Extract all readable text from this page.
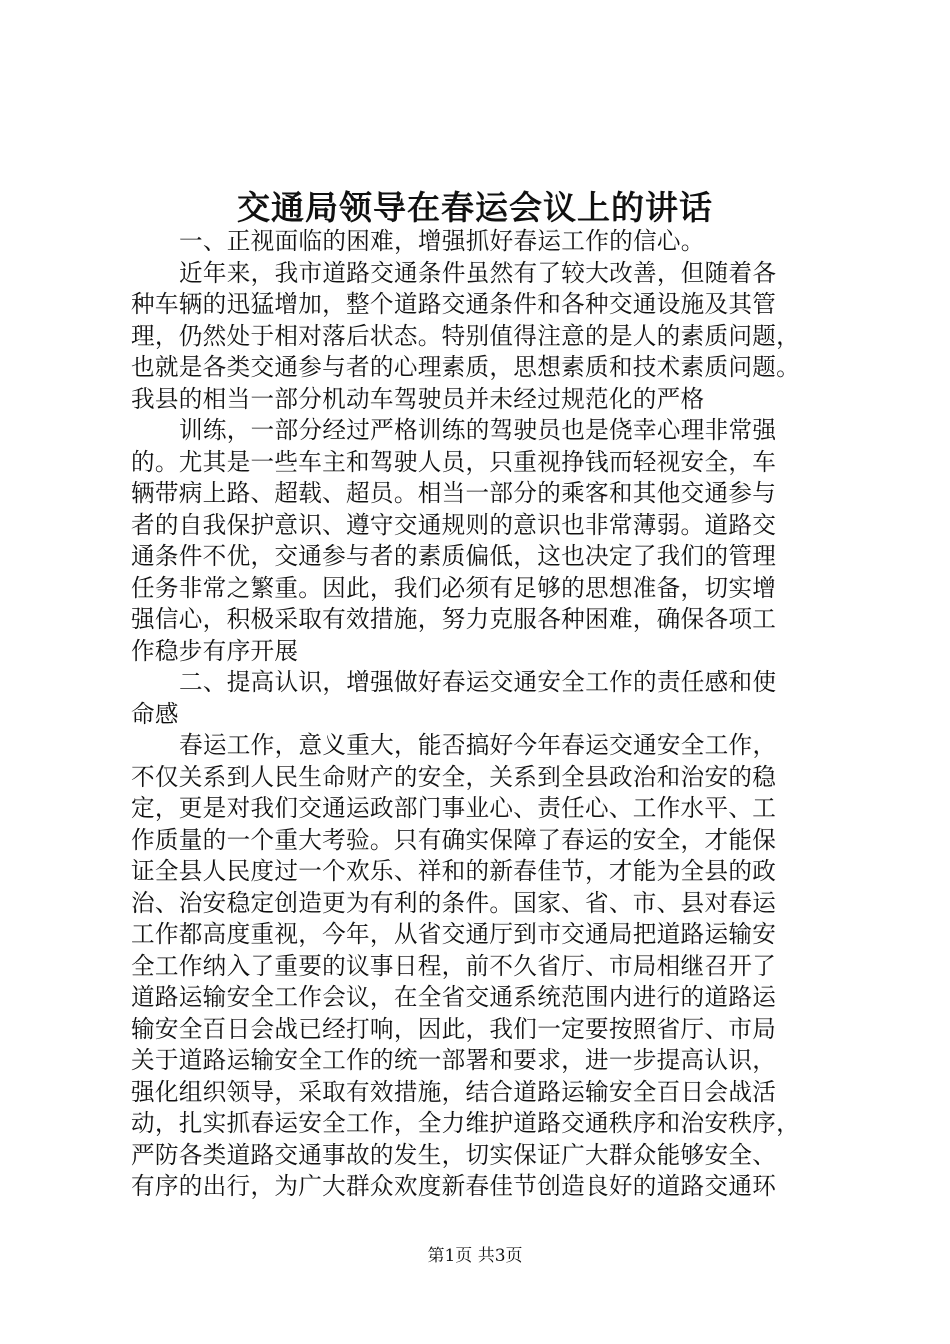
交通局领导在春运会议上的讲话
一、正视面临的困难，增强抓好春运工作的信心。
近年来，我市道路交通条件虽然有了较大改善，但随着各
种车辆的迅猛增加，整个道路交通条件和各种交通设施及其管
理，仍然处于相对落后状态。特别值得注意的是人的素质问题，
也就是各类交通参与者的心理素质，思想素质和技术素质问题。
我县的相当一部分机动车驾驶员并未经过规范化的严格
训练，一部分经过严格训练的驾驶员也是侥幸心理非常强
的。尤其是一些车主和驾驶人员，只重视挣钱而轻视安全，车
辆带病上路、超载、超员。相当一部分的乘客和其他交通参与
者的自我保护意识、遵守交通规则的意识也非常薄弱。道路交
通条件不优，交通参与者的素质偏低，这也决定了我们的管理
任务非常之繁重。因此，我们必须有足够的思想准备，切实增
强信心，积极采取有效措施，努力克服各种困难，确保各项工
作稳步有序开展
二、提高认识，增强做好春运交通安全工作的责任感和使
命感
春运工作，意义重大，能否搞好今年春运交通安全工作，
不仅关系到人民生命财产的安全，关系到全县政治和治安的稳
定，更是对我们交通运政部门事业心、责任心、工作水平、工
作质量的一个重大考验。只有确实保障了春运的安全，才能保
证全县人民度过一个欢乐、祥和的新春佳节，才能为全县的政
治、治安稳定创造更为有利的条件。国家、省、市、县对春运
工作都高度重视，今年，从省交通厅到市交通局把道路运输安
全工作纳入了重要的议事日程，前不久省厅、市局相继召开了
道路运输安全工作会议，在全省交通系统范围内进行的道路运
输安全百日会战已经打响，因此，我们一定要按照省厅、市局
关于道路运输安全工作的统一部署和要求，进一步提高认识，
强化组织领导，采取有效措施，结合道路运输安全百日会战活
动，扎实抓春运安全工作，全力维护道路交通秩序和治安秩序，
严防各类道路交通事故的发生，切实保证广大群众能够安全、
有序的出行，为广大群众欢度新春佳节创造良好的道路交通环
第1页 共3页
